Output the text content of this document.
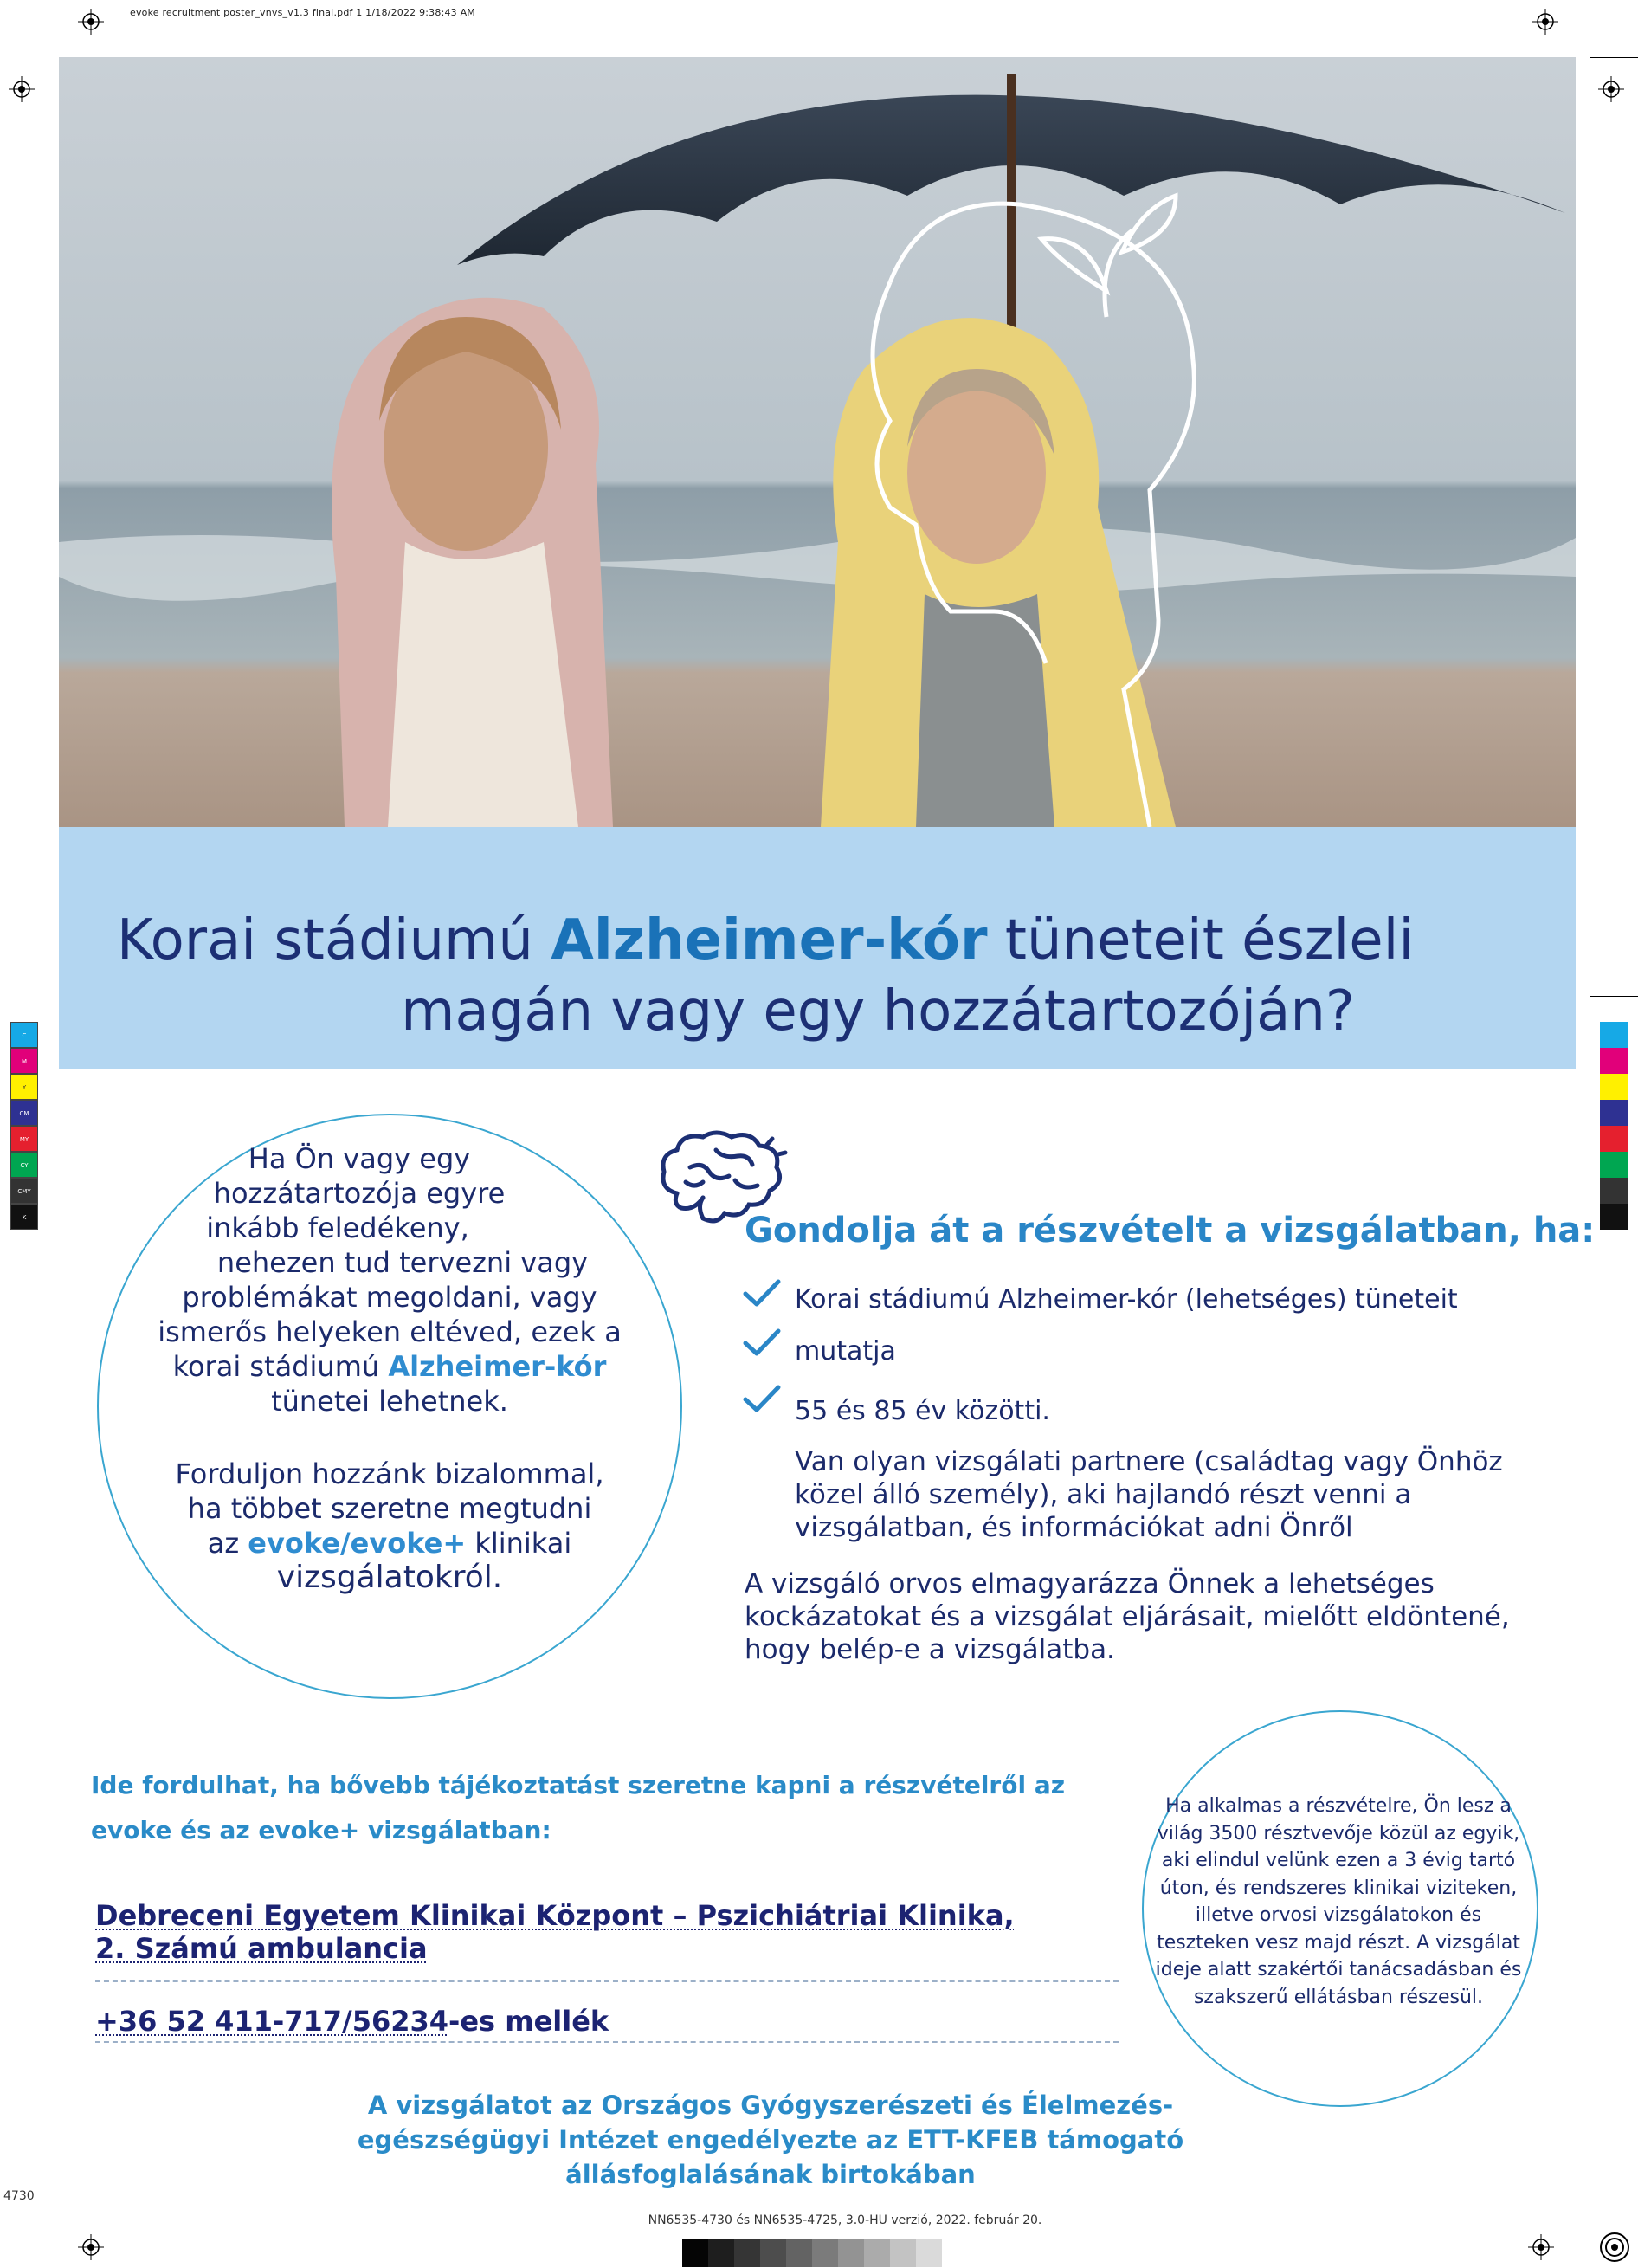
evoke recruitment poster_vnvs_v1.3 final.pdf 1 1/18/2022 9:38:43 AM
Korai stádiumú Alzheimer-kór tüneteit észleli
magán vagy egy hozzátartozóján?
Ha Ön vagy egy
hozzátartozója egyre
inkább feledékeny,
nehezen tud tervezni vagy
problémákat megoldani, vagy
ismerős helyeken eltéved, ezek a
korai stádiumú Alzheimer-kór
tünetei lehetnek.
Forduljon hozzánk bizalommal,
ha többet szeretne megtudni
az evoke/evoke+ klinikai
vizsgálatokról.
Gondolja át a részvételt a vizsgálatban, ha:
Korai stádiumú Alzheimer-kór (lehetséges) tüneteit
mutatja
55 és 85 év közötti.
Van olyan vizsgálati partnere (családtag vagy Önhöz közel álló személy), aki hajlandó részt venni a vizsgálatban, és információkat adni Önről
A vizsgáló orvos elmagyarázza Önnek a lehetséges kockázatokat és a vizsgálat eljárásait, mielőtt eldöntené, hogy belép-e a vizsgálatba.
Ide fordulhat, ha bővebb tájékoztatást szeretne kapni a részvételről az evoke és az evoke+ vizsgálatban:
Debreceni Egyetem Klinikai Központ – Pszichiátriai Klinika,
2. Számú ambulancia
+36 52 411-717/56234-es mellék
Ha alkalmas a részvételre, Ön lesz a világ 3500 résztvevője közül az egyik, aki elindul velünk ezen a 3 évig tartó úton, és rendszeres klinikai viziteken, illetve orvosi vizsgálatokon és teszteken vesz majd részt. A vizsgálat ideje alatt szakértői tanácsadásban és szakszerű ellátásban részesül.
A vizsgálatot az Országos Gyógyszerészeti és Élelmezés-egészségügyi Intézet engedélyezte az ETT-KFEB támogató állásfoglalásának birtokában
NN6535-4730 és NN6535-4725, 3.0-HU verzió, 2022. február 20.
4730
C
M
Y
CM
MY
CY
CMY
K
